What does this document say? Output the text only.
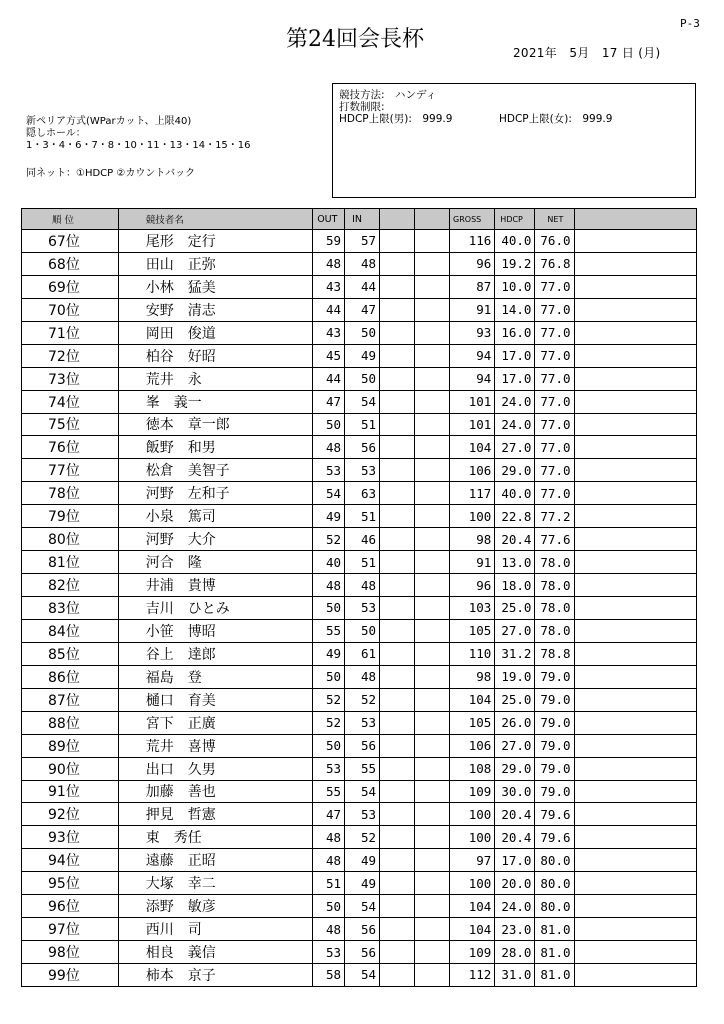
P-3
第24回会長杯
2021年　5月　17 日 (月)
新ペリア方式(WParカット、上限40)
隠しホール：
1・3・4・6・7・8・10・11・13・14・15・16
同ネット：①HDCP ②カウントバック
競技方法:　ハンディ
打数制限:
HDCP上限(男):　999.9	HDCP上限(女):　999.9
順 位	競技者名	OUT	IN			GROSS	HDCP	NET	
67位	尾形　定行	59	57			116	40.0	76.0	
68位	田山　正弥	48	48			96	19.2	76.8	
69位	小林　猛美	43	44			87	10.0	77.0	
70位	安野　清志	44	47			91	14.0	77.0	
71位	岡田　俊道	43	50			93	16.0	77.0	
72位	柏谷　好昭	45	49			94	17.0	77.0	
73位	荒井　永	44	50			94	17.0	77.0	
74位	峯　義一	47	54			101	24.0	77.0	
75位	徳本　章一郎	50	51			101	24.0	77.0	
76位	飯野　和男	48	56			104	27.0	77.0	
77位	松倉　美智子	53	53			106	29.0	77.0	
78位	河野　左和子	54	63			117	40.0	77.0	
79位	小泉　篤司	49	51			100	22.8	77.2	
80位	河野　大介	52	46			98	20.4	77.6	
81位	河合　隆	40	51			91	13.0	78.0	
82位	井浦　貴博	48	48			96	18.0	78.0	
83位	吉川　ひとみ	50	53			103	25.0	78.0	
84位	小笹　博昭	55	50			105	27.0	78.0	
85位	谷上　達郎	49	61			110	31.2	78.8	
86位	福島　登	50	48			98	19.0	79.0	
87位	樋口　育美	52	52			104	25.0	79.0	
88位	宮下　正廣	52	53			105	26.0	79.0	
89位	荒井　喜博	50	56			106	27.0	79.0	
90位	出口　久男	53	55			108	29.0	79.0	
91位	加藤　善也	55	54			109	30.0	79.0	
92位	押見　哲憲	47	53			100	20.4	79.6	
93位	東　秀任	48	52			100	20.4	79.6	
94位	遠藤　正昭	48	49			97	17.0	80.0	
95位	大塚　幸二	51	49			100	20.0	80.0	
96位	添野　敏彦	50	54			104	24.0	80.0	
97位	西川　司	48	56			104	23.0	81.0	
98位	相良　義信	53	56			109	28.0	81.0	
99位	柿本　京子	58	54			112	31.0	81.0	
